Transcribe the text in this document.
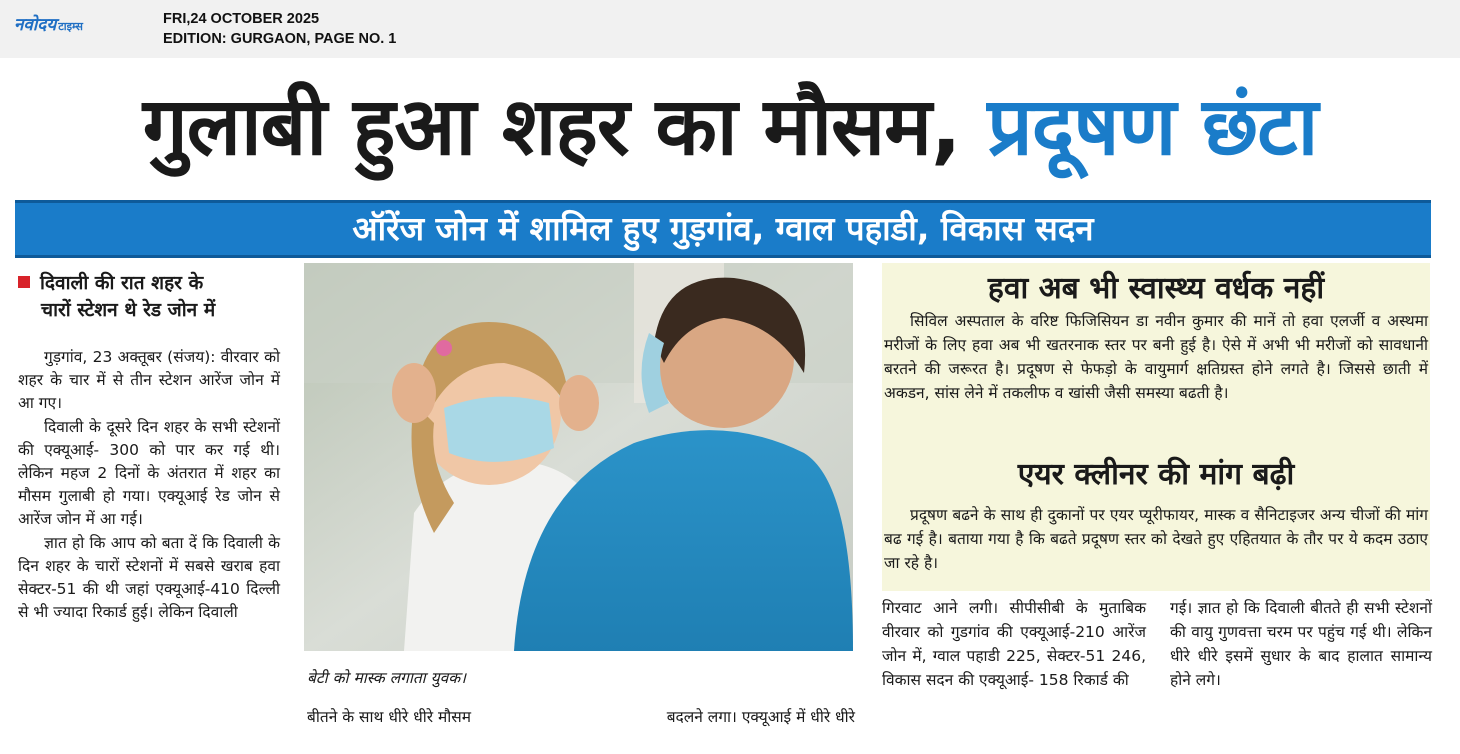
नवोदय टाइम्स	FRI,24 OCTOBER 2025
EDITION: GURGAON, PAGE NO. 1
गुलाबी हुआ शहर का मौसम, प्रदूषण छंटा
ऑरेंज जोन में शामिल हुए गुड़गांव, ग्वाल पहाडी, विकास सदन
दिवाली की रात शहर के
चारों स्टेशन थे रेड जोन में

गुड़गांव, 23 अक्तूबर (संजय): वीरवार को शहर के चार में से तीन स्टेशन आरेंज जोन में आ गए।

दिवाली के दूसरे दिन शहर के सभी स्टेशनों की एक्यूआई- 300 को पार कर गई थी। लेकिन महज 2 दिनों के अंतरात में शहर का मौसम गुलाबी हो गया। एक्यूआई रेड जोन से आरेंज जोन में आ गई।

ज्ञात हो कि आप को बता दें कि दिवाली के दिन शहर के चारों स्टेशनों में सबसे खराब हवा सेक्टर-51 की थी जहां एक्यूआई-410 दिल्ली से भी ज्यादा रिकार्ड हुई। लेकिन दिवाली

बेटी को मास्क लगाता युवक।
बीतने के साथ धीरे धीरे मौसम	बदलने लगा। एक्यूआई में धीरे धीरे
हवा अब भी स्वास्थ्य वर्धक नहीं
सिविल अस्पताल के वरिष्ट फिजिसियन डा नवीन कुमार की मानें तो हवा एलर्जी व अस्थमा मरीजों के लिए हवा अब भी खतरनाक स्तर पर बनी हुई है। ऐसे में अभी भी मरीजों को सावधानी बरतने की जरूरत है। प्रदूषण से फेफड़ो के वायुमार्ग क्षतिग्रस्त होने लगते है। जिससे छाती में अकडन, सांस लेने में तकलीफ व खांसी जैसी समस्या बढती है।
एयर क्लीनर की मांग बढ़ी
प्रदूषण बढने के साथ ही दुकानों पर एयर प्यूरीफायर, मास्क व सैनिटाइजर अन्य चीजों की मांग बढ गई है। बताया गया है कि बढते प्रदूषण स्तर को देखते हुए एहितयात के तौर पर ये कदम उठाए जा रहे है।
गिरवाट आने लगी। सीपीसीबी के मुताबिक वीरवार को गुडगांव की एक्यूआई-210 आरेंज जोन में, ग्वाल पहाडी 225, सेक्टर-51 246, विकास सदन की एक्यूआई- 158 रिकार्ड की
गई। ज्ञात हो कि दिवाली बीतते ही सभी स्टेशनों की वायु गुणवत्ता चरम पर पहुंच गई थी। लेकिन धीरे धीरे इसमें सुधार के बाद हालात सामान्य होने लगे।
